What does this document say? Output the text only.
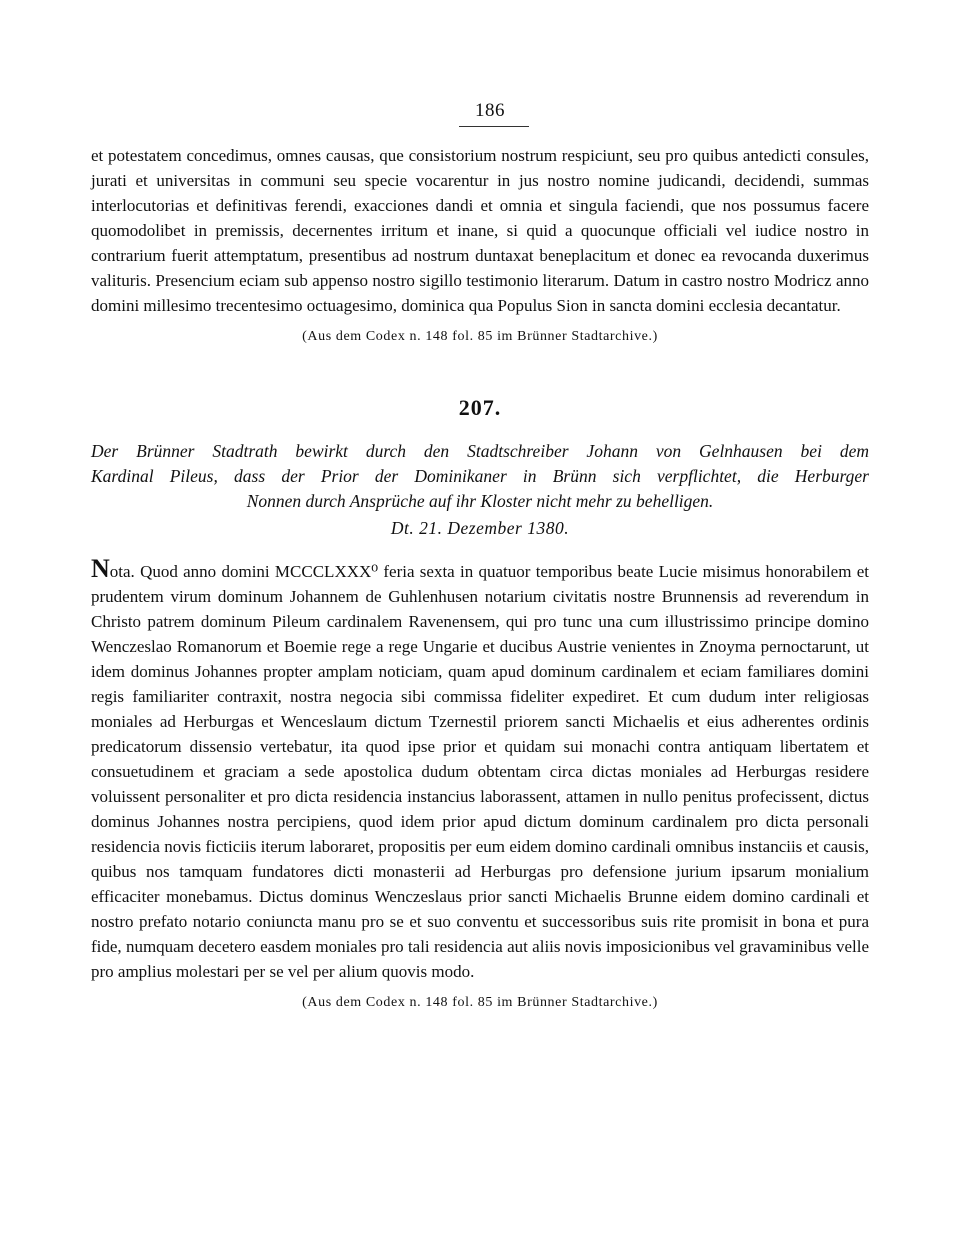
186

et potestatem concedimus, omnes causas, que consistorium nostrum respiciunt, seu pro quibus antedicti consules, jurati et universitas in communi seu specie vocarentur in jus nostro nomine judicandi, decidendi, summas interlocutorias et definitivas ferendi, exacciones dandi et omnia et singula faciendi, que nos possumus facere quomodolibet in premissis, decernentes irritum et inane, si quid a quocunque officiali vel iudice nostro in contrarium fuerit attemptatum, presentibus ad nostrum duntaxat beneplacitum et donec ea revocanda duxerimus valituris. Presencium eciam sub appenso nostro sigillo testimonio literarum. Datum in castro nostro Modricz anno domini millesimo trecentesimo octuagesimo, dominica qua Populus Sion in sancta domini ecclesia decantatur.

(Aus dem Codex n. 148 fol. 85 im Brünner Stadtarchive.)

207.
Der Brünner Stadtrath bewirkt durch den Stadtschreiber Johann von Gelnhausen bei dem
Kardinal Pileus, dass der Prior der Dominikaner in Brünn sich verpflichtet, die Herburger
Nonnen durch Ansprüche auf ihr Kloster nicht mehr zu behelligen.
Dt. 21. Dezember 1380.

Nota. Quod anno domini MCCCLXXX⁰ feria sexta in quatuor temporibus beate Lucie misimus honorabilem et prudentem virum dominum Johannem de Guhlenhusen notarium civitatis nostre Brunnensis ad reverendum in Christo patrem dominum Pileum cardinalem Ravenensem, qui pro tunc una cum illustrissimo principe domino Wenczeslao Romanorum et Boemie rege a rege Ungarie et ducibus Austrie venientes in Znoyma pernoctarunt, ut idem dominus Johannes propter amplam noticiam, quam apud dominum cardinalem et eciam familiares domini regis familiariter contraxit, nostra negocia sibi commissa fideliter expediret. Et cum dudum inter religiosas moniales ad Herburgas et Wenceslaum dictum Tzernestil priorem sancti Michaelis et eius adherentes ordinis predicatorum dissensio vertebatur, ita quod ipse prior et quidam sui monachi contra antiquam libertatem et consuetudinem et graciam a sede apostolica dudum obtentam circa dictas moniales ad Herburgas residere voluissent personaliter et pro dicta residencia instancius laborassent, attamen in nullo penitus profecissent, dictus dominus Johannes nostra percipiens, quod idem prior apud dictum dominum cardinalem pro dicta personali residencia novis ficticiis iterum laboraret, propositis per eum eidem domino cardinali omnibus instanciis et causis, quibus nos tamquam fundatores dicti monasterii ad Herburgas pro defensione jurium ipsarum monialium efficaciter monebamus. Dictus dominus Wenczeslaus prior sancti Michaelis Brunne eidem domino cardinali et nostro prefato notario coniuncta manu pro se et suo conventu et successoribus suis rite promisit in bona et pura fide, numquam decetero easdem moniales pro tali residencia aut aliis novis imposicionibus vel gravaminibus velle pro amplius molestari per se vel per alium quovis modo.

(Aus dem Codex n. 148 fol. 85 im Brünner Stadtarchive.)
